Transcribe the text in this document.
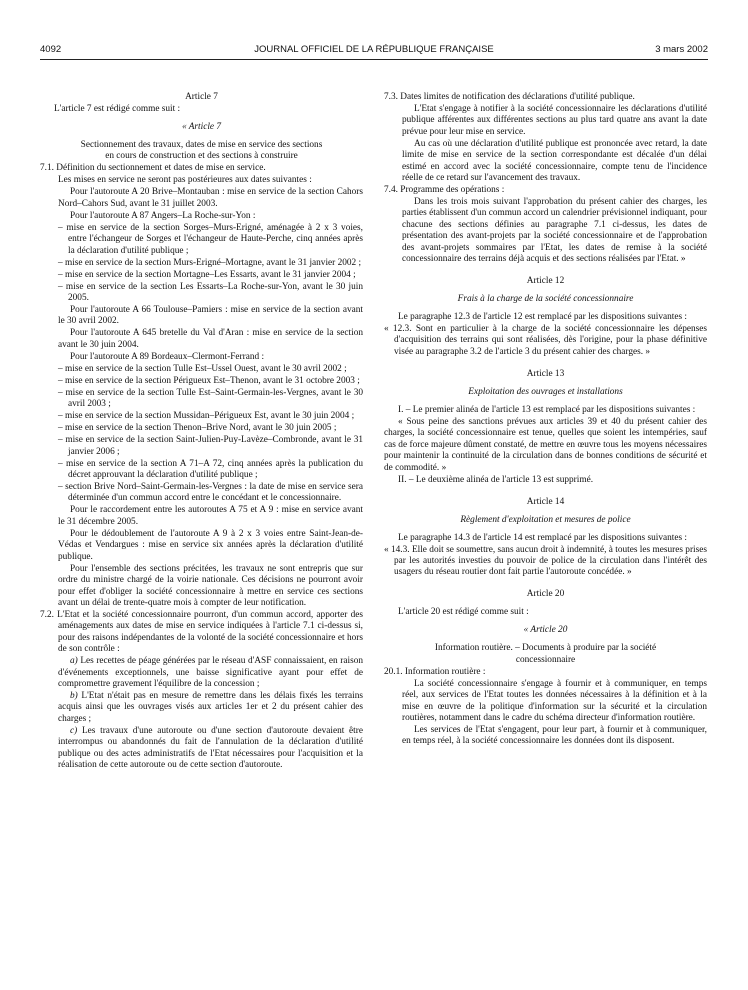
4092	JOURNAL OFFICIEL DE LA RÉPUBLIQUE FRANÇAISE	3 mars 2002

Article 7

L'article 7 est rédigé comme suit :

« Article 7

Sectionnement des travaux, dates de mise en service des sections en cours de construction et des sections à construire

7.1. Définition du sectionnement et dates de mise en service.

Les mises en service ne seront pas postérieures aux dates suivantes :

Pour l'autoroute A 20 Brive–Montauban : mise en service de la section Cahors Nord–Cahors Sud, avant le 31 juillet 2003.

Pour l'autoroute A 87 Angers–La Roche-sur-Yon :

– mise en service de la section Sorges–Murs-Erigné, aménagée à 2 x 3 voies, entre l'échangeur de Sorges et l'échangeur de Haute-Perche, cinq années après la déclaration d'utilité publique ;

– mise en service de la section Murs-Erigné–Mortagne, avant le 31 janvier 2002 ;

– mise en service de la section Mortagne–Les Essarts, avant le 31 janvier 2004 ;

– mise en service de la section Les Essarts–La Roche-sur-Yon, avant le 30 juin 2005.

Pour l'autoroute A 66 Toulouse–Pamiers : mise en service de la section avant le 30 avril 2002.

Pour l'autoroute A 645 bretelle du Val d'Aran : mise en service de la section avant le 30 juin 2004.

Pour l'autoroute A 89 Bordeaux–Clermont-Ferrand :

– mise en service de la section Tulle Est–Ussel Ouest, avant le 30 avril 2002 ;

– mise en service de la section Périgueux Est–Thenon, avant le 31 octobre 2003 ;

– mise en service de la section Tulle Est–Saint-Germain-les-Vergnes, avant le 30 avril 2003 ;

– mise en service de la section Mussidan–Périgueux Est, avant le 30 juin 2004 ;

– mise en service de la section Thenon–Brive Nord, avant le 30 juin 2005 ;

– mise en service de la section Saint-Julien-Puy-Lavèze–Combronde, avant le 31 janvier 2006 ;

– mise en service de la section A 71–A 72, cinq années après la publication du décret approuvant la déclaration d'utilité publique ;

– section Brive Nord–Saint-Germain-les-Vergnes : la date de mise en service sera déterminée d'un commun accord entre le concédant et le concessionnaire.

Pour le raccordement entre les autoroutes A 75 et A 9 : mise en service avant le 31 décembre 2005.

Pour le dédoublement de l'autoroute A 9 à 2 x 3 voies entre Saint-Jean-de-Védas et Vendargues : mise en service six années après la déclaration d'utilité publique.

Pour l'ensemble des sections précitées, les travaux ne sont entrepris que sur ordre du ministre chargé de la voirie nationale. Ces décisions ne pourront avoir pour effet d'obliger la société concessionnaire à mettre en service ces sections avant un délai de trente-quatre mois à compter de leur notification.

7.2. L'Etat et la société concessionnaire pourront, d'un commun accord, apporter des aménagements aux dates de mise en service indiquées à l'article 7.1 ci-dessus si, pour des raisons indépendantes de la volonté de la société concessionnaire et hors de son contrôle :

a) Les recettes de péage générées par le réseau d'ASF connaissaient, en raison d'événements exceptionnels, une baisse significative ayant pour effet de compromettre gravement l'équilibre de la concession ;

b) L'Etat n'était pas en mesure de remettre dans les délais fixés les terrains acquis ainsi que les ouvrages visés aux articles 1er et 2 du présent cahier des charges ;

c) Les travaux d'une autoroute ou d'une section d'autoroute devaient être interrompus ou abandonnés du fait de l'annulation de la déclaration d'utilité publique ou des actes administratifs de l'Etat nécessaires pour l'acquisition et la réalisation de cette autoroute ou de cette section d'autoroute.

7.3. Dates limites de notification des déclarations d'utilité publique.

L'Etat s'engage à notifier à la société concessionnaire les déclarations d'utilité publique afférentes aux différentes sections au plus tard quatre ans avant la date prévue pour leur mise en service.

Au cas où une déclaration d'utilité publique est prononcée avec retard, la date limite de mise en service de la section correspondante est décalée d'un délai estimé en accord avec la société concessionnaire, compte tenu de l'incidence réelle de ce retard sur l'avancement des travaux.

7.4. Programme des opérations :

Dans les trois mois suivant l'approbation du présent cahier des charges, les parties établissent d'un commun accord un calendrier prévisionnel indiquant, pour chacune des sections définies au paragraphe 7.1 ci-dessus, les dates de présentation des avant-projets par la société concessionnaire et de l'approbation des avant-projets sommaires par l'Etat, les dates de remise à la société concessionnaire des terrains déjà acquis et des sections réalisées par l'Etat. »

Article 12

Frais à la charge de la société concessionnaire

Le paragraphe 12.3 de l'article 12 est remplacé par les dispositions suivantes :

« 12.3. Sont en particulier à la charge de la société concessionnaire les dépenses d'acquisition des terrains qui sont réalisées, dès l'origine, pour la phase définitive visée au paragraphe 3.2 de l'article 3 du présent cahier des charges. »

Article 13

Exploitation des ouvrages et installations

I. – Le premier alinéa de l'article 13 est remplacé par les dispositions suivantes :

« Sous peine des sanctions prévues aux articles 39 et 40 du présent cahier des charges, la société concessionnaire est tenue, quelles que soient les intempéries, sauf cas de force majeure dûment constaté, de mettre en œuvre tous les moyens nécessaires pour maintenir la continuité de la circulation dans de bonnes conditions de sécurité et de commodité. »

II. – Le deuxième alinéa de l'article 13 est supprimé.

Article 14

Règlement d'exploitation et mesures de police

Le paragraphe 14.3 de l'article 14 est remplacé par les dispositions suivantes :

« 14.3. Elle doit se soumettre, sans aucun droit à indemnité, à toutes les mesures prises par les autorités investies du pouvoir de police de la circulation dans l'intérêt des usagers du réseau routier dont fait partie l'autoroute concédée. »

Article 20

L'article 20 est rédigé comme suit :

« Article 20

Information routière. – Documents à produire par la société concessionnaire

20.1. Information routière :

La société concessionnaire s'engage à fournir et à communiquer, en temps réel, aux services de l'Etat toutes les données nécessaires à la définition et à la mise en œuvre de la politique d'information sur la sécurité et la circulation routières, notamment dans le cadre du schéma directeur d'information routière.

Les services de l'Etat s'engagent, pour leur part, à fournir et à communiquer, en temps réel, à la société concessionnaire les données dont ils disposent.
